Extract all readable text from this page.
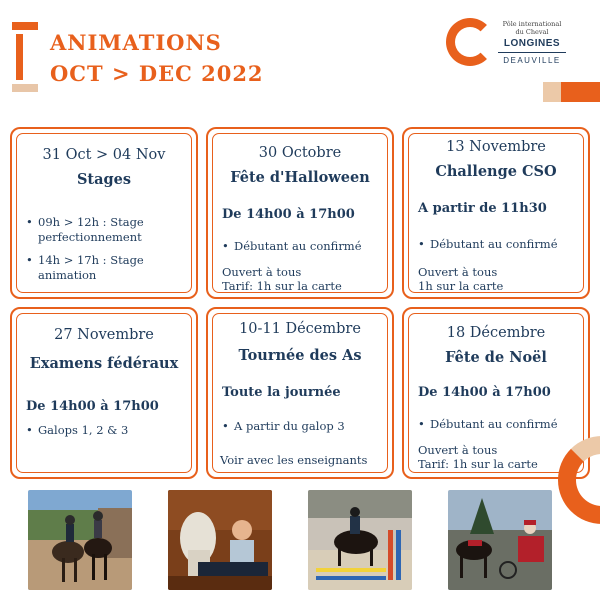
ANIMATIONS
OCT > DEC 2022
Pôle international
du Cheval
LONGINES
DEAUVILLE
31 Oct > 04 Nov
Stages
• 09h > 12h : Stage perfectionnement
• 14h > 17h : Stage animation
30 Octobre
Fête d'Halloween
De 14h00 à 17h00
• Débutant au confirmé
Ouvert à tous
Tarif: 1h sur la carte
13 Novembre
Challenge CSO
A partir de 11h30
• Débutant au confirmé
Ouvert à tous
1h sur la carte
27 Novembre
Examens fédéraux
De 14h00 à 17h00
• Galops 1, 2 & 3
10-11 Décembre
Tournée des As
Toute la journée
• A partir du galop 3
Voir avec les enseignants
18 Décembre
Fête de Noël
De 14h00 à 17h00
• Débutant au confirmé
Ouvert à tous
Tarif: 1h sur la carte
